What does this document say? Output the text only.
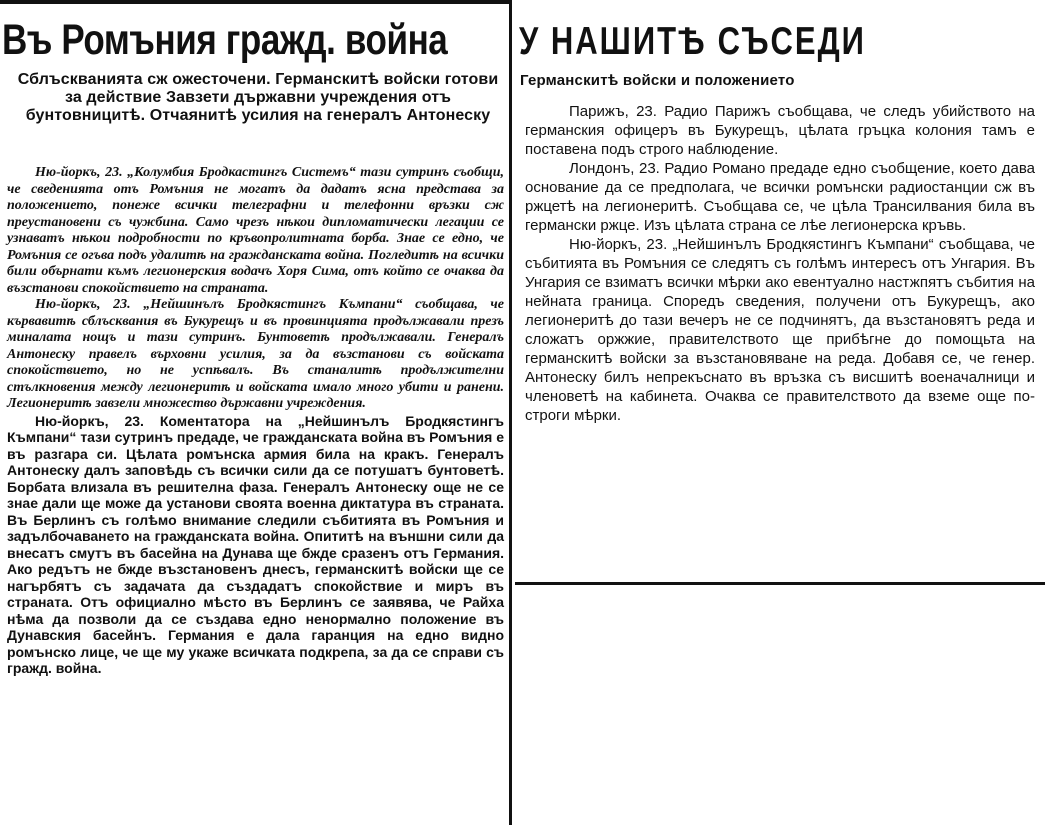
Въ Ромъния гражд. война
Сблъскванията сж ожесточени. Германскитѣ войски готови за действие Завзети държавни учреждения отъ бунтовницитѣ. Отчаянитѣ усилия на генералъ Антонеску

Ню-йоркъ, 23. „Колумбия Бродкастингъ Системъ“ тази сутринъ съобщи, че сведенията отъ Ромъния не могатъ да дадатъ ясна представа за положението, понеже всички телеграфни и телефонни връзки сж преустановени съ чужбина. Само чрезъ нѣкои дипломатически легации се узнаватъ нѣкои подробности по кръвопролитната борба. Знае се едно, че Ромъния се огъва подъ удалитѣ на гражданската война. Погледитѣ на всички били обърнати къмъ легионерския водачъ Хоря Сима, отъ който се очаква да възстанови спокойствието на страната.

Ню-йоркъ, 23. „Нейшинълъ Бродкястингъ Къмпани“ съобщава, че кървавитѣ сблъсквания въ Букурещъ и въ провинцията продължавали презъ миналата нощъ и тази сутринъ. Бунтоветѣ продължавали. Генералъ Антонеску правелъ върховни усилия, за да възстанови съ войската спокойствието, но не успѣвалъ. Въ станалитѣ продължителни стълкновения между легионеритѣ и войската имало много убити и ранени. Легионеритѣ завзели множество държавни учреждения.

Ню-йоркъ, 23. Коментатора на „Нейшинълъ Бродкястингъ Къмпани“ тази сутринъ предаде, че гражданската война въ Ромъния е въ разгара си. Цѣлата ромънска армия била на кракъ. Генералъ Антонеску далъ заповѣдь съ всички сили да се потушатъ бунтоветѣ. Борбата влизала въ решителна фаза. Генералъ Антонеску още не се знае дали ще може да установи своята военна диктатура въ страната. Въ Берлинъ съ голѣмо внимание следили събитията въ Ромъния и задълбочаването на гражданската война. Опититѣ на външни сили да внесатъ смутъ въ басейна на Дунава ще бжде сразенъ отъ Германия. Ако редътъ не бжде възстановенъ днесъ, германскитѣ войски ще се нагърбятъ съ задачата да създадатъ спокойствие и миръ въ страната. Отъ официално мѣсто въ Берлинъ се заявява, че Райха нѣма да позволи да се създава едно ненормално положение въ Дунавския басейнъ. Германия е дала гаранция на едно видно ромънско лице, че ще му укаже всичката подкрепа, за да се справи съ гражд. война.

У НАШИТѢ СЪСЕДИ
Германскитѣ войски и положението

Парижъ, 23. Радио Парижъ съобщава, че следъ убийството на германския офицеръ въ Букурещъ, цѣлата гръцка колония тамъ е поставена подъ строго наблюдение.

Лондонъ, 23. Радио Романо предаде едно съобщение, което дава основание да се предполага, че всички ромънски радиостанции сж въ ржцетѣ на легионеритѣ. Съобщава се, че цѣла Трансилвания била въ германски ржце. Изъ цѣлата страна се лѣе легионерска кръвь.

Ню-йоркъ, 23. „Нейшинълъ Бродкястингъ Къмпани“ съобщава, че събитията въ Ромъния се следятъ съ голѣмъ интересъ отъ Унгария. Въ Унгария се взиматъ всички мѣрки ако евентуално настжпятъ събития на нейната граница. Споредъ сведения, получени отъ Букурещъ, ако легионеритѣ до тази вечеръ не се подчинятъ, да възстановятъ реда и сложатъ оржжие, правителството ще прибѣгне до помощьта на германскитѣ войски за възстановяване на реда. Добавя се, че генер. Антонеску билъ непрекъснато въ връзка съ висшитѣ военачалници и членоветѣ на кабинета. Очаква се правителството да вземе още по-строги мѣрки.
